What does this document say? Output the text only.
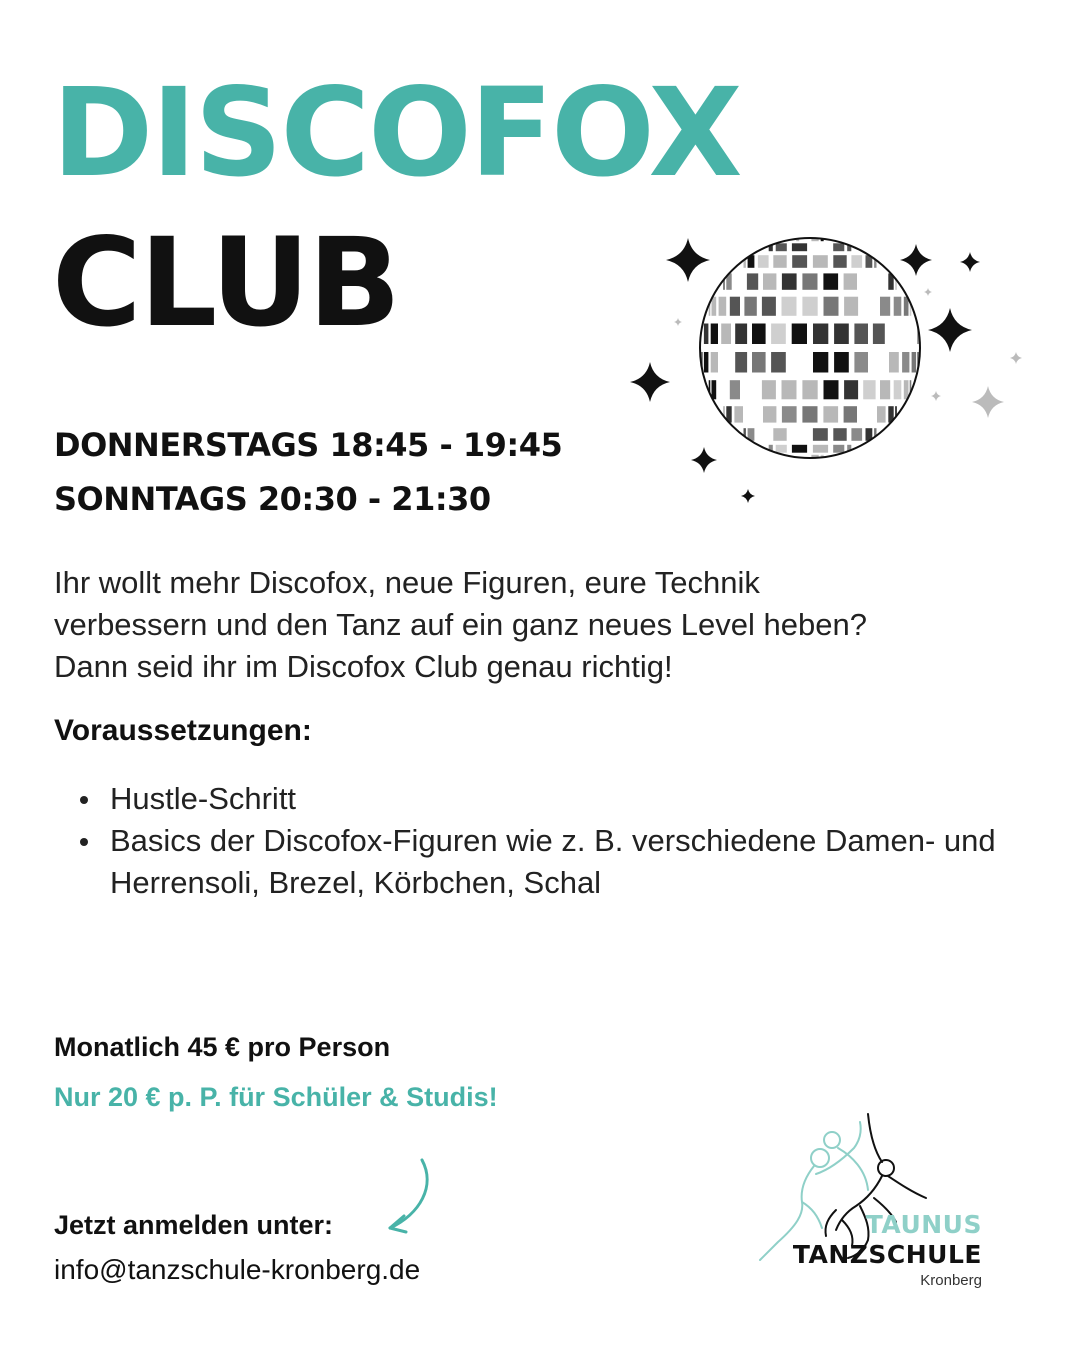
DISCOFOX
CLUB
DONNERSTAGS 18:45 - 19:45
SONNTAGS 20:30 - 21:30
Ihr wollt mehr Discofox, neue Figuren, eure Technik
verbessern und den Tanz auf ein ganz neues Level heben?
Dann seid ihr im Discofox Club genau richtig!
Voraussetzungen:
Hustle-Schritt
Basics der Discofox-Figuren wie z. B. verschiedene Damen- und Herrensoli, Brezel, Körbchen, Schal
Monatlich 45 € pro Person
Nur 20 € p. P. für Schüler & Studis!
Jetzt anmelden unter:
info@tanzschule-kronberg.de
TAUNUS
TANZSCHULE
Kronberg
